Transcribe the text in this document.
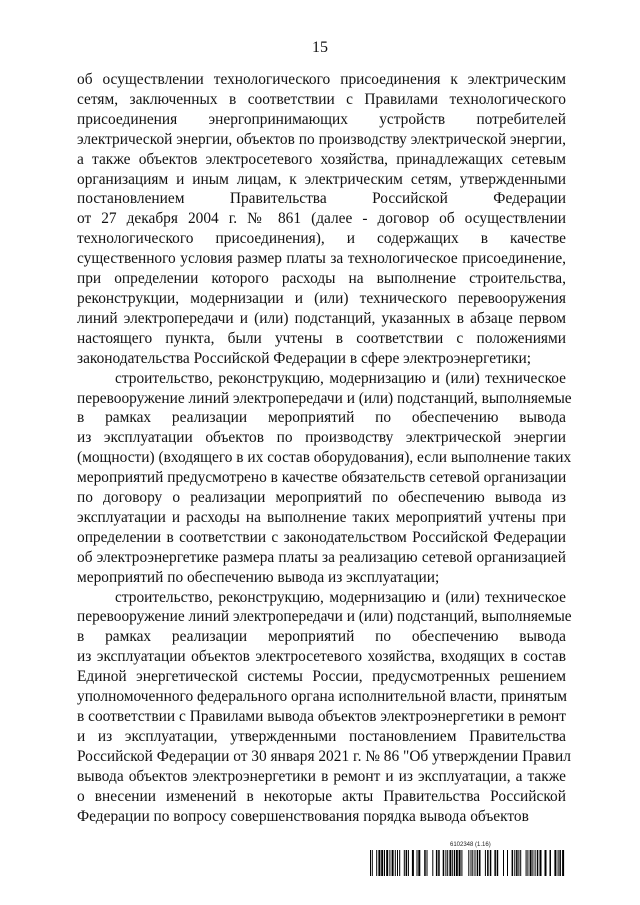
15
об осуществлении технологического присоединения к электрическим
сетям, заключенных в соответствии с Правилами технологического
присоединения энергопринимающих устройств потребителей
электрической энергии, объектов по производству электрической энергии,
а также объектов электросетевого хозяйства, принадлежащих сетевым
организациям и иным лицам, к электрическим сетям, утвержденными
постановлением Правительства Российской Федерации
от 27 декабря 2004 г. № 861 (далее - договор об осуществлении
технологического присоединения), и содержащих в качестве
существенного условия размер платы за технологическое присоединение,
при определении которого расходы на выполнение строительства,
реконструкции, модернизации и (или) технического перевооружения
линий электропередачи и (или) подстанций, указанных в абзаце первом
настоящего пункта, были учтены в соответствии с положениями
законодательства Российской Федерации в сфере электроэнергетики;
строительство, реконструкцию, модернизацию и (или) техническое
перевооружение линий электропередачи и (или) подстанций, выполняемые
в рамках реализации мероприятий по обеспечению вывода
из эксплуатации объектов по производству электрической энергии
(мощности) (входящего в их состав оборудования), если выполнение таких
мероприятий предусмотрено в качестве обязательств сетевой организации
по договору о реализации мероприятий по обеспечению вывода из
эксплуатации и расходы на выполнение таких мероприятий учтены при
определении в соответствии с законодательством Российской Федерации
об электроэнергетике размера платы за реализацию сетевой организацией
мероприятий по обеспечению вывода из эксплуатации;
строительство, реконструкцию, модернизацию и (или) техническое
перевооружение линий электропередачи и (или) подстанций, выполняемые
в рамках реализации мероприятий по обеспечению вывода
из эксплуатации объектов электросетевого хозяйства, входящих в состав
Единой энергетической системы России, предусмотренных решением
уполномоченного федерального органа исполнительной власти, принятым
в соответствии с Правилами вывода объектов электроэнергетики в ремонт
и из эксплуатации, утвержденными постановлением Правительства
Российской Федерации от 30 января 2021 г. № 86 "Об утверждении Правил
вывода объектов электроэнергетики в ремонт и из эксплуатации, а также
о внесении изменений в некоторые акты Правительства Российской
Федерации по вопросу совершенствования порядка вывода объектов
6102348 (1.16)
